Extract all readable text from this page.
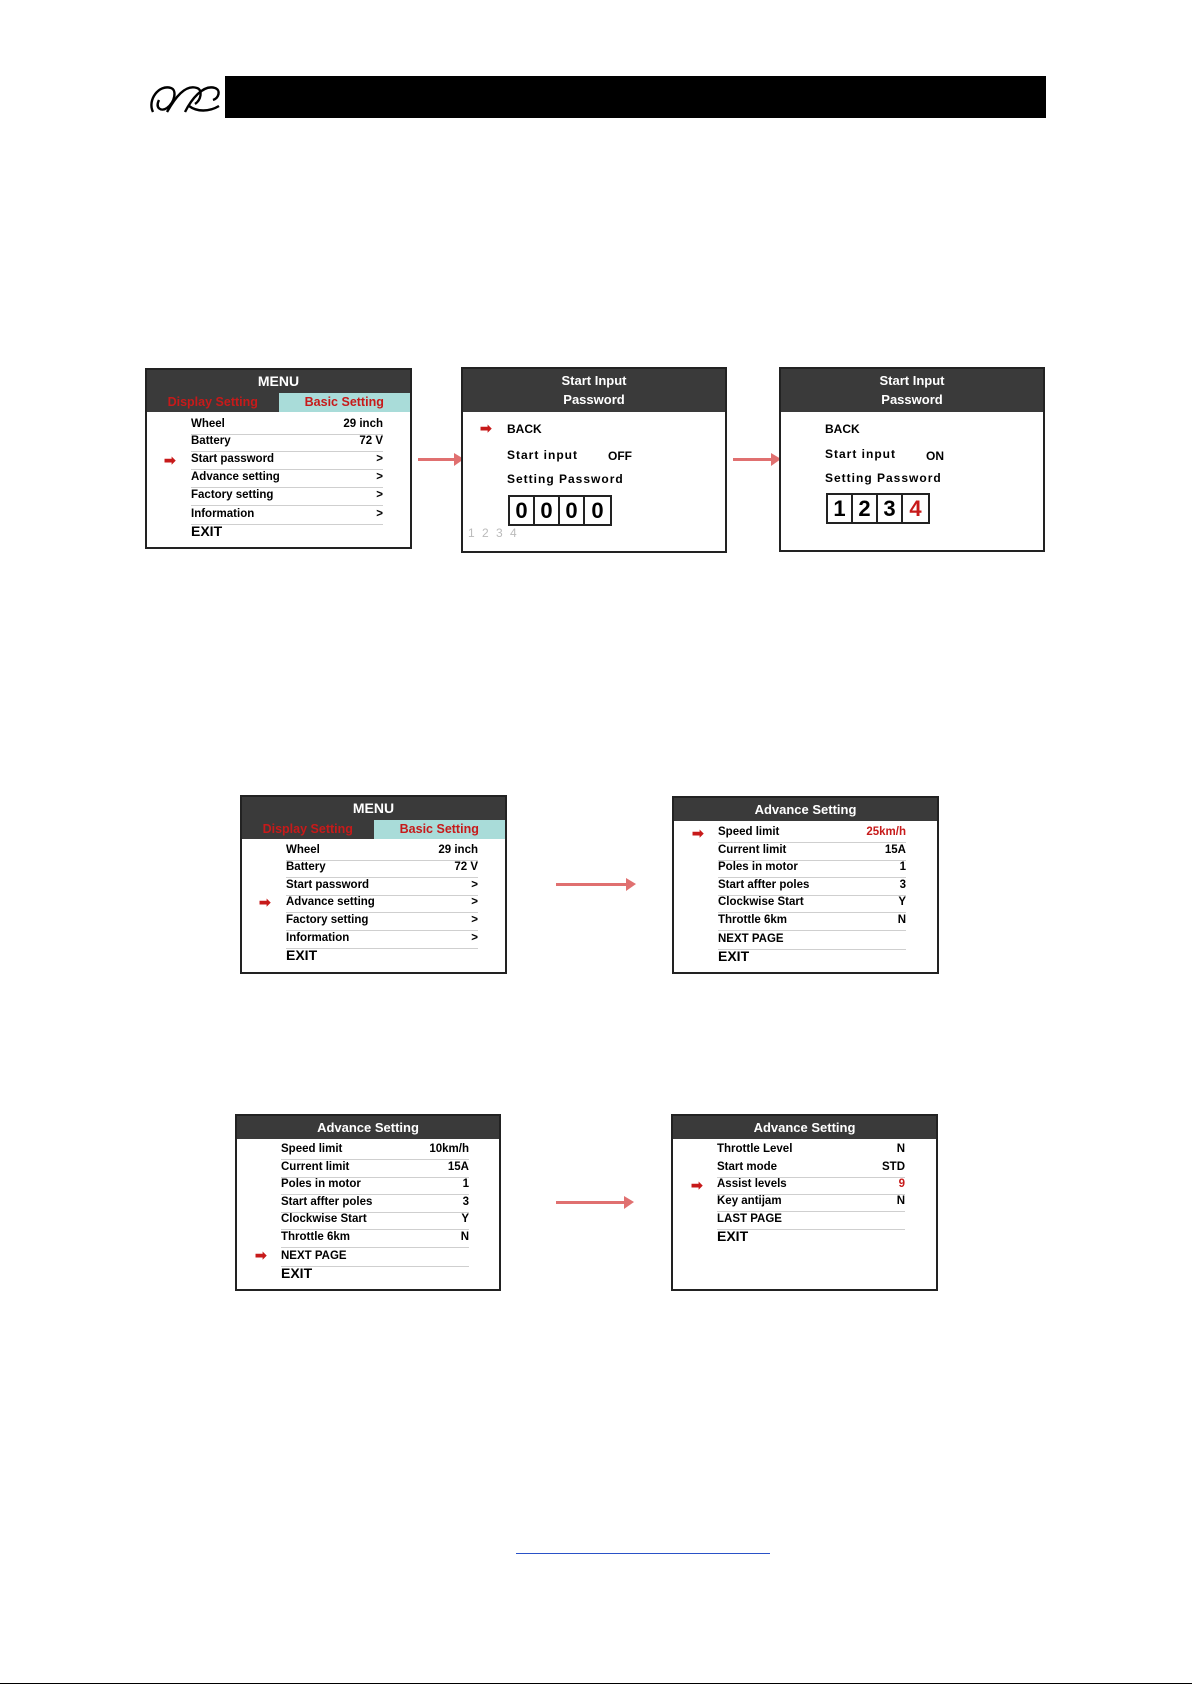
MENU
Display Setting	Basic Setting
Wheel	29 inch
Battery	72 V
➡ Start password	>
Advance setting	>
Factory setting	>
Information	>
EXIT
Start Input
Password
➡ BACK
Start input	OFF
Setting Password
0 0 0 0
1 2 3 4
Start Input
Password
BACK
Start input	ON
Setting Password
1 2 3 4
MENU
Display Setting	Basic Setting
Wheel	29 inch
Battery	72 V
Start password	>
➡ Advance setting	>
Factory setting	>
Information	>
EXIT
Advance Setting
➡ Speed limit	25km/h
Current limit	15A
Poles in motor	1
Start affter poles	3
Clockwise Start	Y
Throttle 6km	N
NEXT PAGE
EXIT
Advance Setting
Speed limit	10km/h
Current limit	15A
Poles in motor	1
Start affter poles	3
Clockwise Start	Y
Throttle 6km	N
➡ NEXT PAGE
EXIT
Advance Setting
Throttle Level	N
Start mode	STD
➡ Assist levels	9
Key antijam	N
LAST PAGE
EXIT
